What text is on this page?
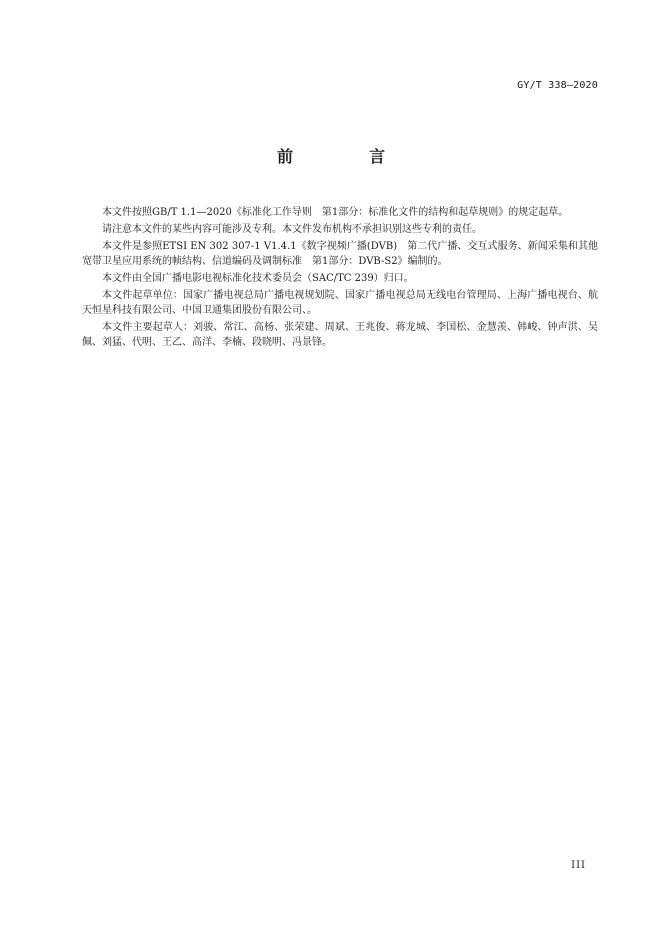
GY/T 338—2020
前　言

本文件按照GB/T 1.1—2020《标准化工作导则　第1部分：标准化文件的结构和起草规则》的规定起草。

请注意本文件的某些内容可能涉及专利。本文件发布机构不承担识别这些专利的责任。

本文件是参照ETSI EN 302 307-1 V1.4.1《数字视频广播(DVB)　第二代广播、交互式服务、新闻采集和其他宽带卫星应用系统的帧结构、信道编码及调制标准　第1部分：DVB-S2》编制的。

本文件由全国广播电影电视标准化技术委员会（SAC/TC 239）归口。

本文件起草单位：国家广播电视总局广播电视规划院、国家广播电视总局无线电台管理局、上海广播电视台、航天恒星科技有限公司、中国卫通集团股份有限公司、。

本文件主要起草人：刘骏、常江、高杨、张荣建、周斌、王兆俊、蒋龙城、李国松、金慧羡、韩峻、钟声洪、吴佩、刘猛、代明、王乙、高洋、李楠、段晓明、冯景锋。

III
